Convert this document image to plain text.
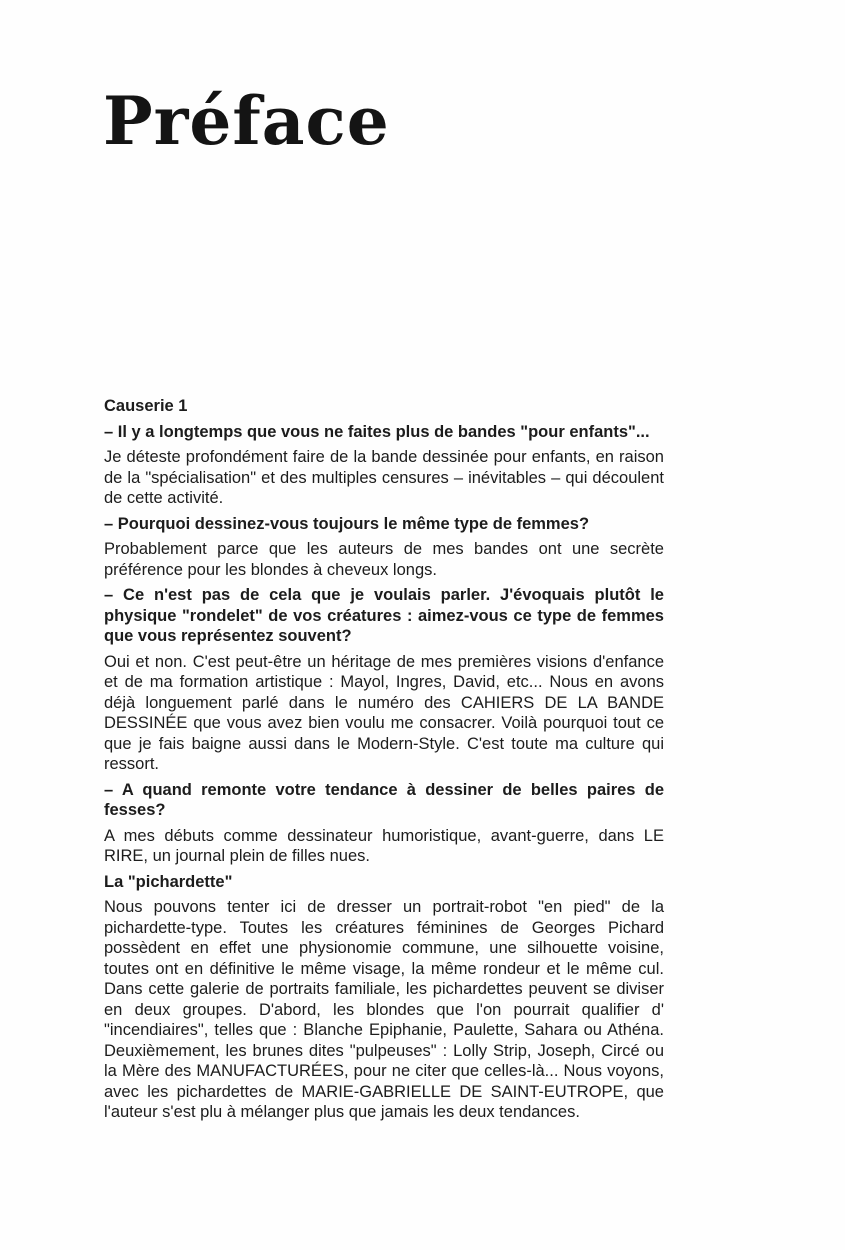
Préface

Causerie 1

– Il y a longtemps que vous ne faites plus de bandes "pour enfants"...

Je déteste profondément faire de la bande dessinée pour enfants, en raison de la "spécialisation" et des multiples censures – inévitables – qui découlent de cette activité.

– Pourquoi dessinez-vous toujours le même type de femmes?

Probablement parce que les auteurs de mes bandes ont une secrète préférence pour les blondes à cheveux longs.

– Ce n'est pas de cela que je voulais parler. J'évoquais plutôt le physique "rondelet" de vos créatures : aimez-vous ce type de femmes que vous représentez souvent?

Oui et non. C'est peut-être un héritage de mes premières visions d'enfance et de ma formation artistique : Mayol, Ingres, David, etc... Nous en avons déjà longuement parlé dans le numéro des CAHIERS DE LA BANDE DESSINÉE que vous avez bien voulu me consacrer. Voilà pourquoi tout ce que je fais baigne aussi dans le Modern-Style. C'est toute ma culture qui ressort.

– A quand remonte votre tendance à dessiner de belles paires de fesses?

A mes débuts comme dessinateur humoristique, avant-guerre, dans LE RIRE, un journal plein de filles nues.

La "pichardette"

Nous pouvons tenter ici de dresser un portrait-robot "en pied" de la pichardette-type. Toutes les créatures féminines de Georges Pichard possèdent en effet une physionomie commune, une silhouette voisine, toutes ont en définitive le même visage, la même rondeur et le même cul. Dans cette galerie de portraits familiale, les pichardettes peuvent se diviser en deux groupes. D'abord, les blondes que l'on pourrait qualifier d' "incendiaires", telles que : Blanche Epiphanie, Paulette, Sahara ou Athéna. Deuxièmement, les brunes dites "pulpeuses" : Lolly Strip, Joseph, Circé ou la Mère des MANUFACTURÉES, pour ne citer que celles-là... Nous voyons, avec les pichardettes de MARIE-GABRIELLE DE SAINT-EUTROPE, que l'auteur s'est plu à mélanger plus que jamais les deux tendances.
